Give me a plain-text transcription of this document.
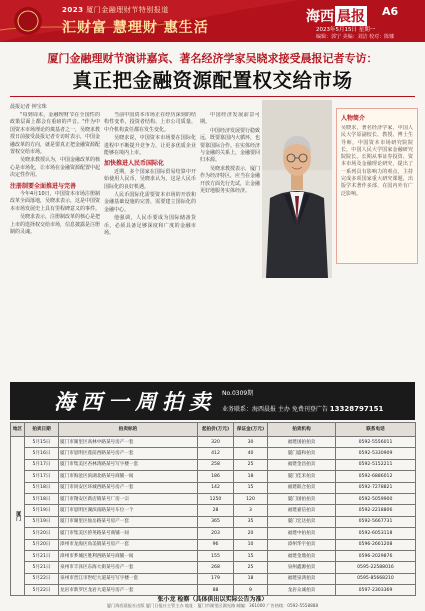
2023 厦门金融理财节特别报道
汇财富 慧理财 惠生活
海西 晨报 A6
2023年5月15日 星期一
编辑：郭宁 美编：刘洁 校对：陈娜
厦门金融理财节演讲嘉宾、著名经济学家吴晓求接受晨报记者专访：
真正把金融资源配置权交给市场
晨报记者 钟宝珠

"每到周末，金融理财节在全国性的政策层面上都会有重磅的声音。"作为中国资本市场理论的奠基者之一，吴晓求教授日前接受晨报记者专访时表示，中国金融改革的方向，就是要真正把金融资源配置权交给市场。

吴晓求教授认为，中国金融改革的核心是市场化，让市场在金融资源配置中起决定性作用。

注册制要全面推进与完善

今年4月10日，中国资本市场注册制改革全面落地，吴晓求表示，这是中国资本市场发展史上具有里程碑意义的事件。

吴晓求表示，注册制改革的核心是把上市的选择权交给市场，信息披露是注册制的灵魂。

当前中国资本市场正在经历深刻的结构性变革，投资者结构、上市公司质量、中介机构责任都在发生变化。

吴晓求说，中国资本市场要在国际化进程中不断提升竞争力，让更多优质企业能够在境内上市。

加快推进人民币国际化

近期，多个国家在国际贸易结算中开始使用人民币，吴晓求认为，这是人民币国际化的良好机遇。

人民币国际化需要资本市场的开放和金融基础设施的完善，需要建立国际化的金融中心。

他强调，人民币要成为国际储备货币，必须具备足够深度和广度的金融市场。

中国经济发展前景可期。

中国经济发展要行稳致远，既要靠国内大循环，也要靠国际合作。在实体经济与金融的关系上，金融要回归本源。

吴晓求教授表示，厦门作为经济特区，应当在金融开放方面先行先试，让金融更好地服务实体经济。

人物简介
吴晓求，著名经济学家，中国人民大学原副校长、教授、博士生导师，中国资本市场研究院院长，中国人民大学国家金融研究院院长。长期从事证券投资、资本市场及金融理论研究，提出了一系列具有影响力的观点，主持完成多项国家重大研究课题，出版学术著作多部，在国内外有广泛影响。
海西一周拍卖 No.0309期
业务联系：海西晨报 主办 免费刊登广告 13328797151
地区	拍卖日期	拍卖标的	起拍价(万元)	保证金(万元)	拍卖机构	联系电话
厦门	5月15日	厦门市湖里区高林中路某号房产一套	320	30	福建国拍拍卖	0592-5556011
	5月16日	厦门市思明区莲前西路某号房产一套	412	40	厦门盛和拍卖	0592-5330909
	5月17日	厦门市集美区杏林湾路某号写字楼一套	258	25	福建金昌拍卖	0592-5152211
	5月17日	厦门市海沧区滨湖北路某号商铺一间	186	18	厦门佳禾拍卖	0592-6886012
	5月18日	厦门市同安区环城西路某号房产一套	142	15	福建联合拍卖	0592-7278821
	5月18日	厦门市翔安区新店镇某号厂房一宗	1250	120	厦门国拍拍卖	0592-5059900
	5月19日	厦门市思明区湖滨南路某号车位一个	28	3	福建嘉信拍卖	0592-2218806
	5月19日	厦门市湖里区仙岳路某号房产一套	365	35	厦门宏达拍卖	0592-5667731
	5月20日	厦门市集美区侨英路某号商铺一间	203	20	福建中拍拍卖	0592-6053118
	5月20日	漳州市龙海区角美镇某号房产一套	96	10	漳州华宇拍卖	0596-2661208
	5月21日	漳州市芗城区胜利西路某号商铺一间	155	15	福建金鼎拍卖	0596-2029876
	5月21日	泉州市丰泽区东海大街某号房产一套	268	25	泉州鑫源拍卖	0595-22588016
	5月22日	泉州市晋江市世纪大道某号写字楼一套	179	18	福建泉鸿拍卖	0595-85668210
	5月22日	龙岩市新罗区龙岩大道某号房产一套	88	9	龙岩众诚拍卖	0597-2303369
张小龙 检察（具体供出以实际公告为准）
厦门海西晨报社出版 厦门日报社主管主办 地址：厦门市湖里区湖光路 邮编：361000 广告热线：0592-5558888
